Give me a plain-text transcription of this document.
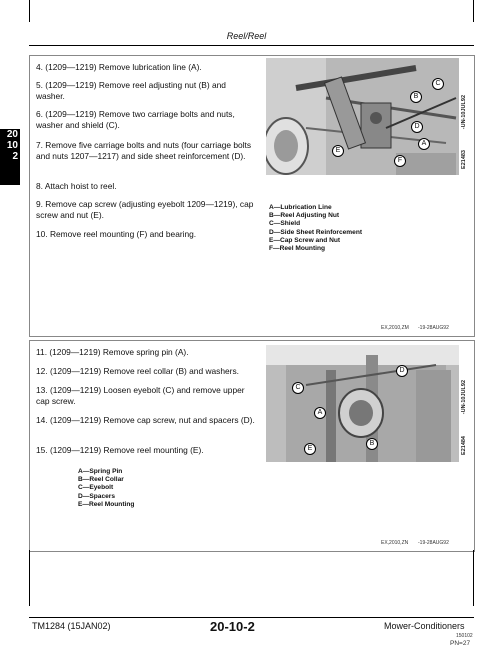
Reel/Reel
20
10
2
4. (1209—1219) Remove lubrication line (A).
5. (1209—1219) Remove reel adjusting nut (B) and washer.
6. (1209—1219) Remove two carriage bolts and nuts, washer and shield (C).
7. Remove five carriage bolts and nuts (four carriage bolts and nuts 1207—1217) and side sheet reinforcement (D).
8. Attach hoist to reel.
9. Remove cap screw (adjusting eyebolt 1209—1219), cap screw and nut (E).
10. Remove reel mounting (F) and bearing.
A
B
C
D
E
F
-UN-10JUL92
E21483
A—Lubrication Line
B—Reel Adjusting Nut
C—Shield
D—Side Sheet Reinforcement
E—Cap Screw and Nut
F—Reel Mounting
EX,2010,ZM -19-28AUG92
11. (1209—1219) Remove spring pin (A).
12. (1209—1219) Remove reel collar (B) and washers.
13. (1209—1219) Loosen eyebolt (C) and remove upper cap screw.
14. (1209—1219) Remove cap screw, nut and spacers (D).
15. (1209—1219) Remove reel mounting (E).
A—Spring Pin
B—Reel Collar
C—Eyebolt
D—Spacers
E—Reel Mounting
A
B
C
D
E
-UN-10JUL92
E21484
EX,2010,ZN -19-28AUG92
TM1284 (15JAN02)	20-10-2	Mower-Conditioners
150102
PN=27
